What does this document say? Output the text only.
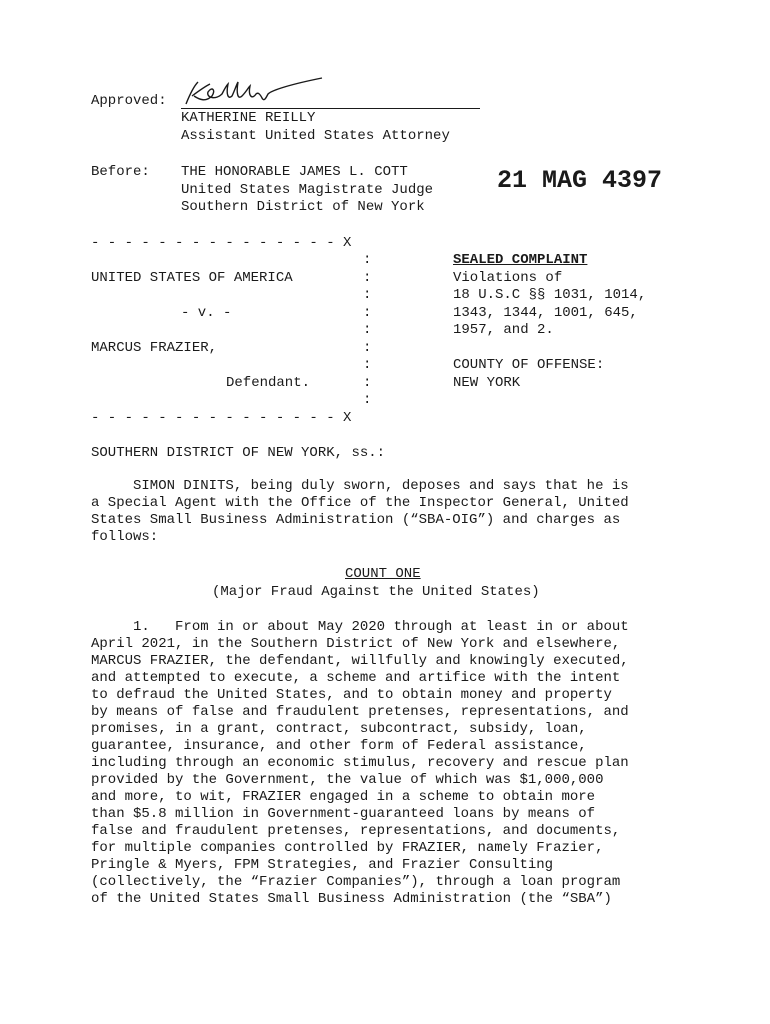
Approved:
KATHERINE REILLY
Assistant United States Attorney
Before: THE HONORABLE JAMES L. COTT
United States Magistrate Judge
Southern District of New York
21 MAG 4397
- - - - - - - - - - - - - - - X
:
:
:
:
:
:
:
:
:
UNITED STATES OF AMERICA
- v. -
MARCUS FRAZIER,
Defendant.
SEALED COMPLAINT
Violations of
18 U.S.C §§ 1031, 1014,
1343, 1344, 1001, 645,
1957, and 2.
COUNTY OF OFFENSE:
NEW YORK
- - - - - - - - - - - - - - - X
SOUTHERN DISTRICT OF NEW YORK, ss.:
SIMON DINITS, being duly sworn, deposes and says that he is
a Special Agent with the Office of the Inspector General, United
States Small Business Administration (“SBA-OIG”) and charges as
follows:
COUNT ONE
(Major Fraud Against the United States)
1.   From in or about May 2020 through at least in or about
April 2021, in the Southern District of New York and elsewhere,
MARCUS FRAZIER, the defendant, willfully and knowingly executed,
and attempted to execute, a scheme and artifice with the intent
to defraud the United States, and to obtain money and property
by means of false and fraudulent pretenses, representations, and
promises, in a grant, contract, subcontract, subsidy, loan,
guarantee, insurance, and other form of Federal assistance,
including through an economic stimulus, recovery and rescue plan
provided by the Government, the value of which was $1,000,000
and more, to wit, FRAZIER engaged in a scheme to obtain more
than $5.8 million in Government-guaranteed loans by means of
false and fraudulent pretenses, representations, and documents,
for multiple companies controlled by FRAZIER, namely Frazier,
Pringle & Myers, FPM Strategies, and Frazier Consulting
(collectively, the “Frazier Companies”), through a loan program
of the United States Small Business Administration (the “SBA”)
